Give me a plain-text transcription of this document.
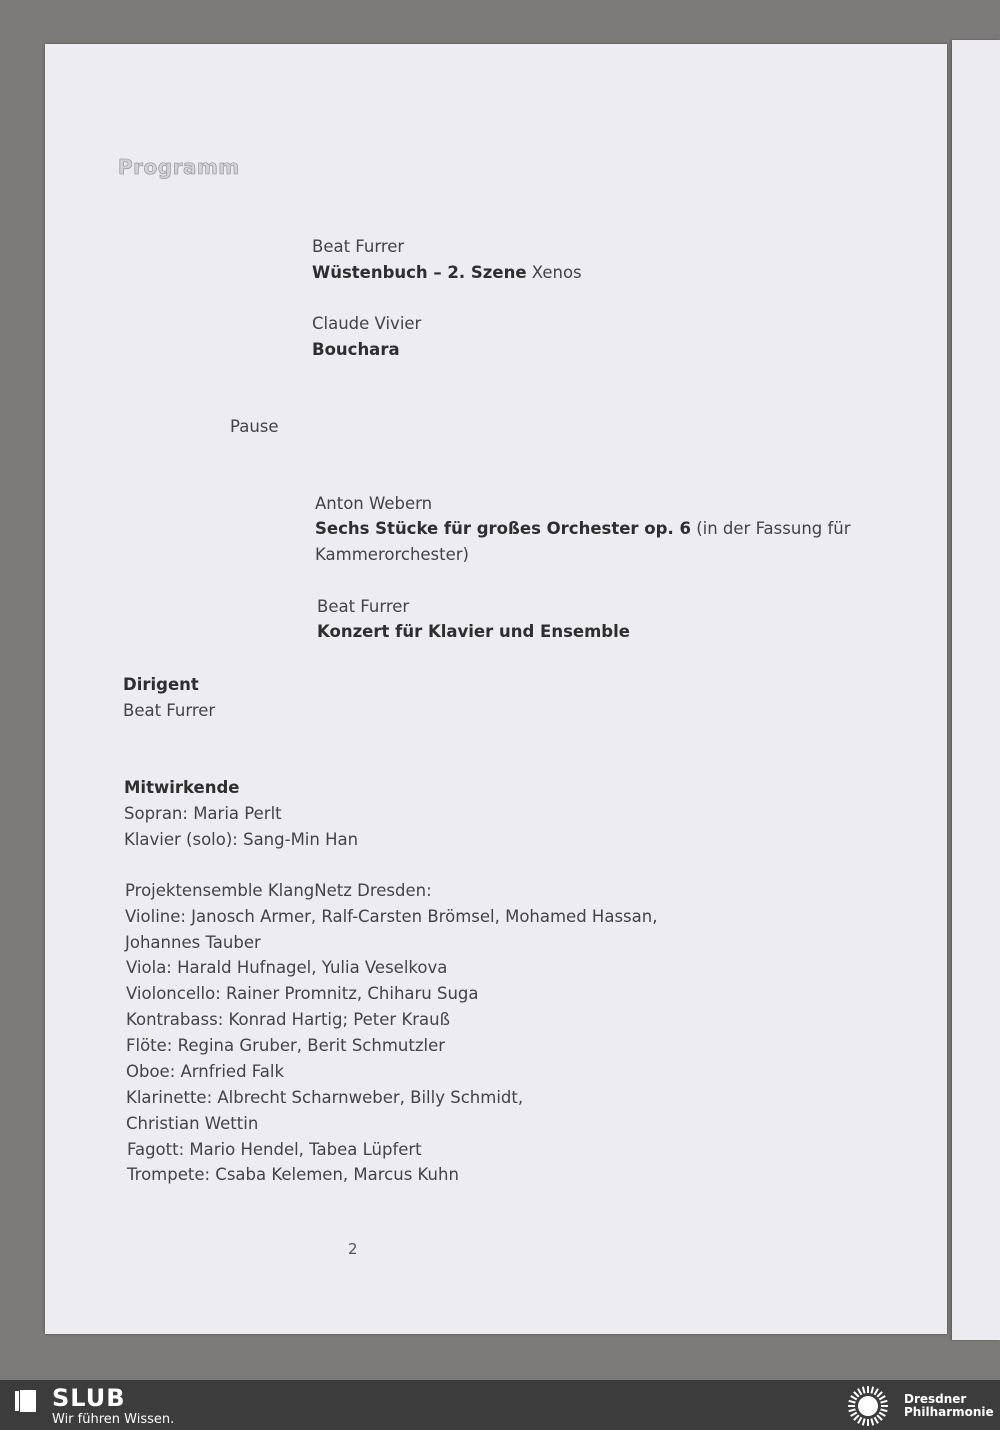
Programm
Beat Furrer
Wüstenbuch – 2. Szene Xenos
Claude Vivier
Bouchara
Pause
Anton Webern
Sechs Stücke für großes Orchester op. 6 (in der Fassung für
Kammerorchester)
Beat Furrer
Konzert für Klavier und Ensemble
Dirigent
Beat Furrer
Mitwirkende
Sopran: Maria Perlt
Klavier (solo): Sang-Min Han
Projektensemble KlangNetz Dresden:
Violine: Janosch Armer, Ralf-Carsten Brömsel, Mohamed Hassan,
Johannes Tauber
Viola: Harald Hufnagel, Yulia Veselkova
Violoncello: Rainer Promnitz, Chiharu Suga
Kontrabass: Konrad Hartig; Peter Krauß
Flöte: Regina Gruber, Berit Schmutzler
Oboe: Arnfried Falk
Klarinette: Albrecht Scharnweber, Billy Schmidt,
Christian Wettin
Fagott: Mario Hendel, Tabea Lüpfert
Trompete: Csaba Kelemen, Marcus Kuhn
2
SLUB
Wir führen Wissen.
Dresdner
Philharmonie
